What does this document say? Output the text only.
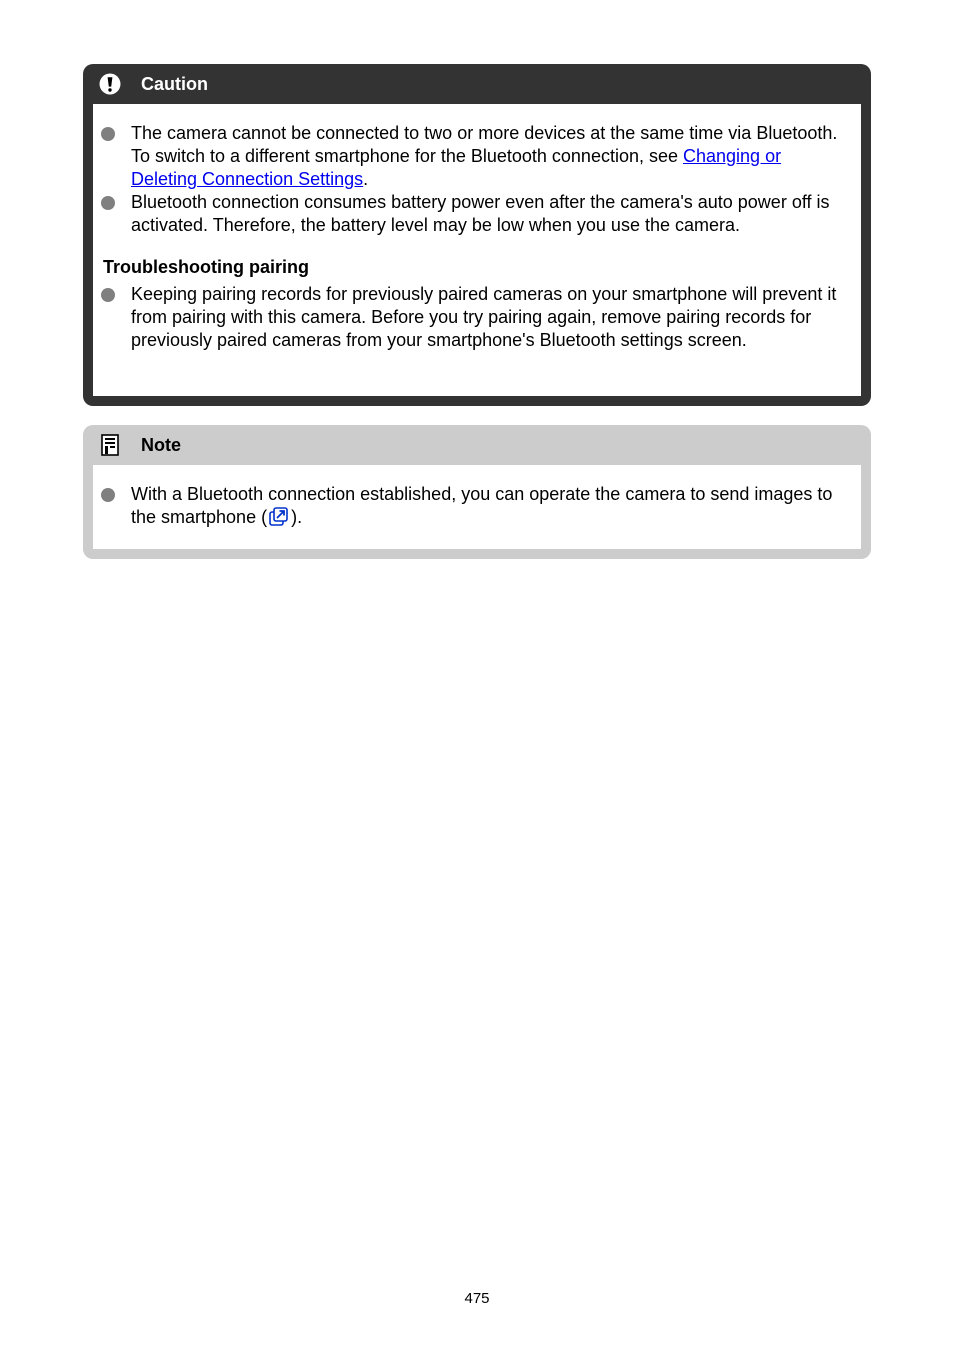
Caution
The camera cannot be connected to two or more devices at the same time via Bluetooth. To switch to a different smartphone for the Bluetooth connection, see Changing or Deleting Connection Settings.
Bluetooth connection consumes battery power even after the camera's auto power off is activated. Therefore, the battery level may be low when you use the camera.
Troubleshooting pairing
Keeping pairing records for previously paired cameras on your smartphone will prevent it from pairing with this camera. Before you try pairing again, remove pairing records for previously paired cameras from your smartphone's Bluetooth settings screen.
Note
With a Bluetooth connection established, you can operate the camera to send images to the smartphone ( ).
475
